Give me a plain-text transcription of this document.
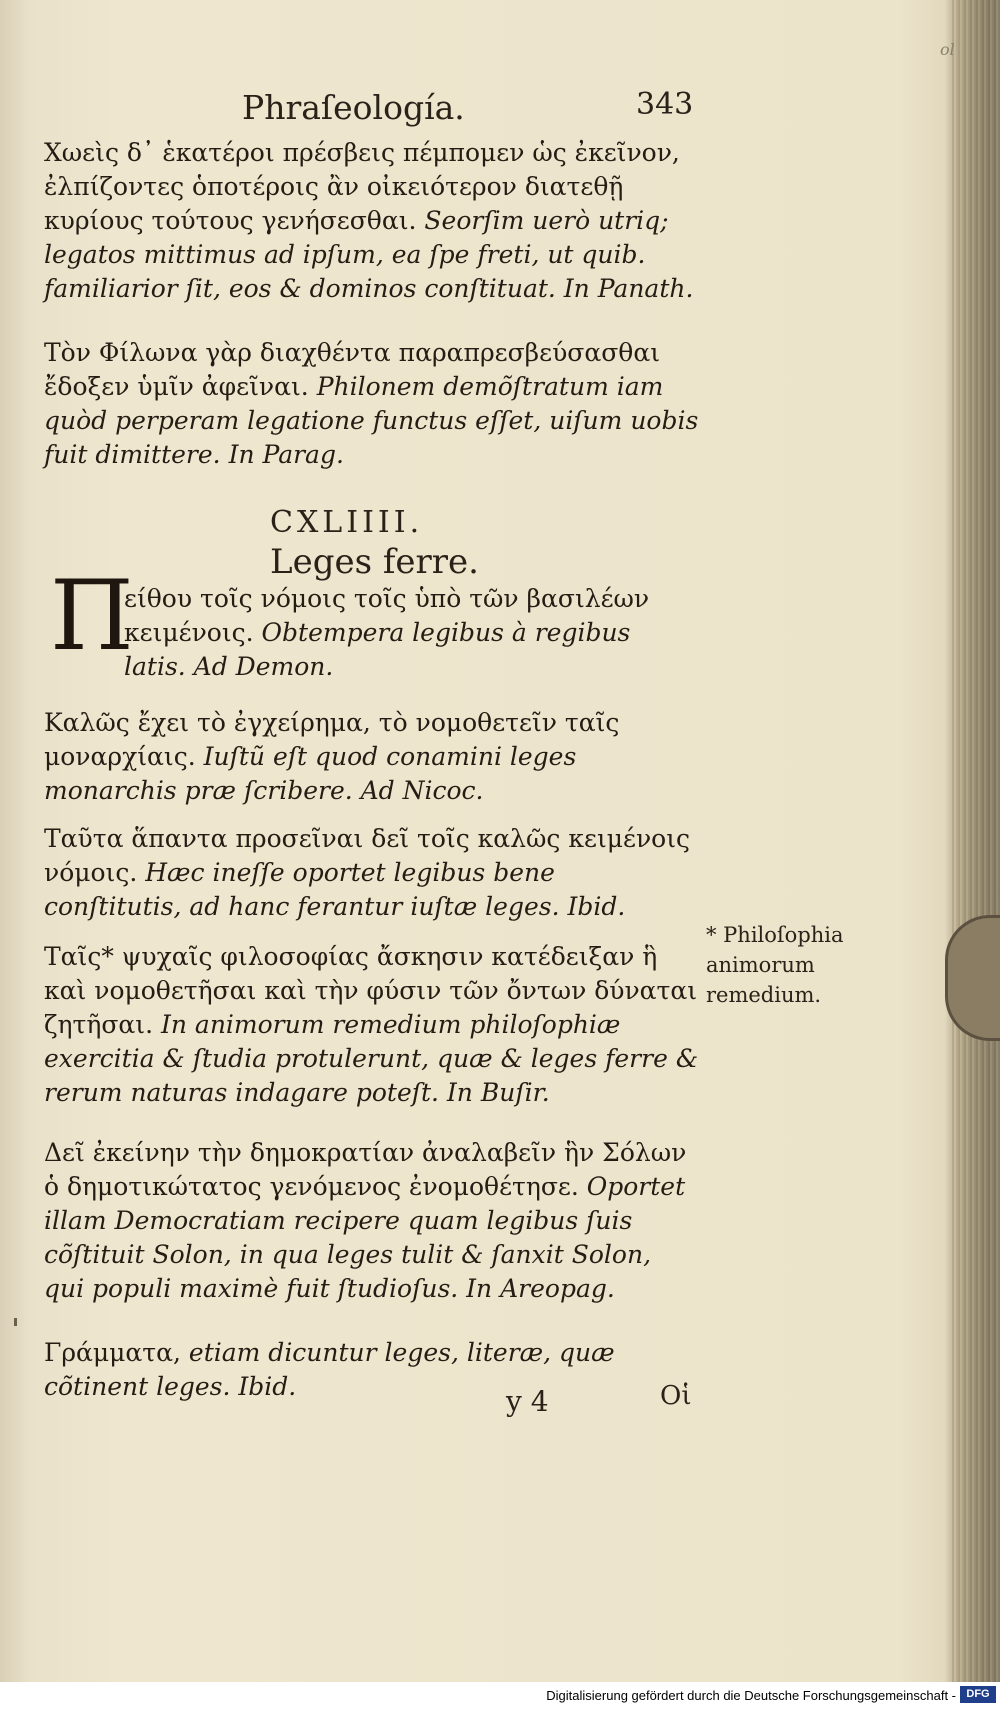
ol
Phraſeología.	343

Χωεὶς δ᾽ ἑκατέροι πρέσβεις πέμπομεν ὡς ἐκεῖνον, ἐλπίζοντες ὁποτέροις ἂν οἰκειότερον διατεθῇ κυρίους τούτους γενήσεσθαι. Seorſim uerò utriq; legatos mittimus ad ipſum, ea ſpe freti, ut quib. familiarior ſit, eos & dominos conſtituat. In Panath.

Τὸν Φίλωνα γὰρ διαχθέντα παραπρεσβεύσασθαι ἔδοξεν ὑμῖν ἀφεῖναι. Philonem demõſtratum iam quòd perperam legatione functus eſſet, uiſum uobis fuit dimittere. In Parag.

CXLIIII.
Leges ferre.
Π

είθου τοῖς νόμοις τοῖς ὑπὸ τῶν βασιλέων κειμένοις. Obtempera legibus à regibus latis. Ad Demon.

Καλῶς ἔχει τὸ ἐγχείρημα, τὸ νομοθετεῖν ταῖς μοναρχίαις. Iuſtũ eſt quod conamini leges monarchis præ ſcribere. Ad Nicoc.

Ταῦτα ἅπαντα προσεῖναι δεῖ τοῖς καλῶς κειμένοις νόμοις. Hæc ineſſe oportet legibus bene conſtitutis, ad hanc ferantur iuſtæ leges. Ibid.

Ταῖς* ψυχαῖς φιλοσοφίας ἄσκησιν κατέδειξαν ἣ καὶ νομοθετῆσαι καὶ τὴν φύσιν τῶν ὄντων δύναται ζητῆσαι. In animorum remedium philoſophiæ exercitia & ſtudia protulerunt, quæ & leges ferre & rerum naturas indagare poteſt. In Buſir.

Δεῖ ἐκείνην τὴν δημοκρατίαν ἀναλαβεῖν ἣν Σόλων ὁ δημοτικώτατος γενόμενος ἐνομοθέτησε. Oportet illam Democratiam recipere quam legibus ſuis cõſtituit Solon, in qua leges tulit & ſanxit Solon, qui populi maximè fuit ſtudioſus. In Areopag.

Γράμματα, etiam dicuntur leges, literæ, quæ cõtinent leges. Ibid.

* Philoſophia animorum remedium.

y 4	Οἱ
Digitalisierung gefördert durch die Deutsche Forschungsgemeinschaft - DFG
